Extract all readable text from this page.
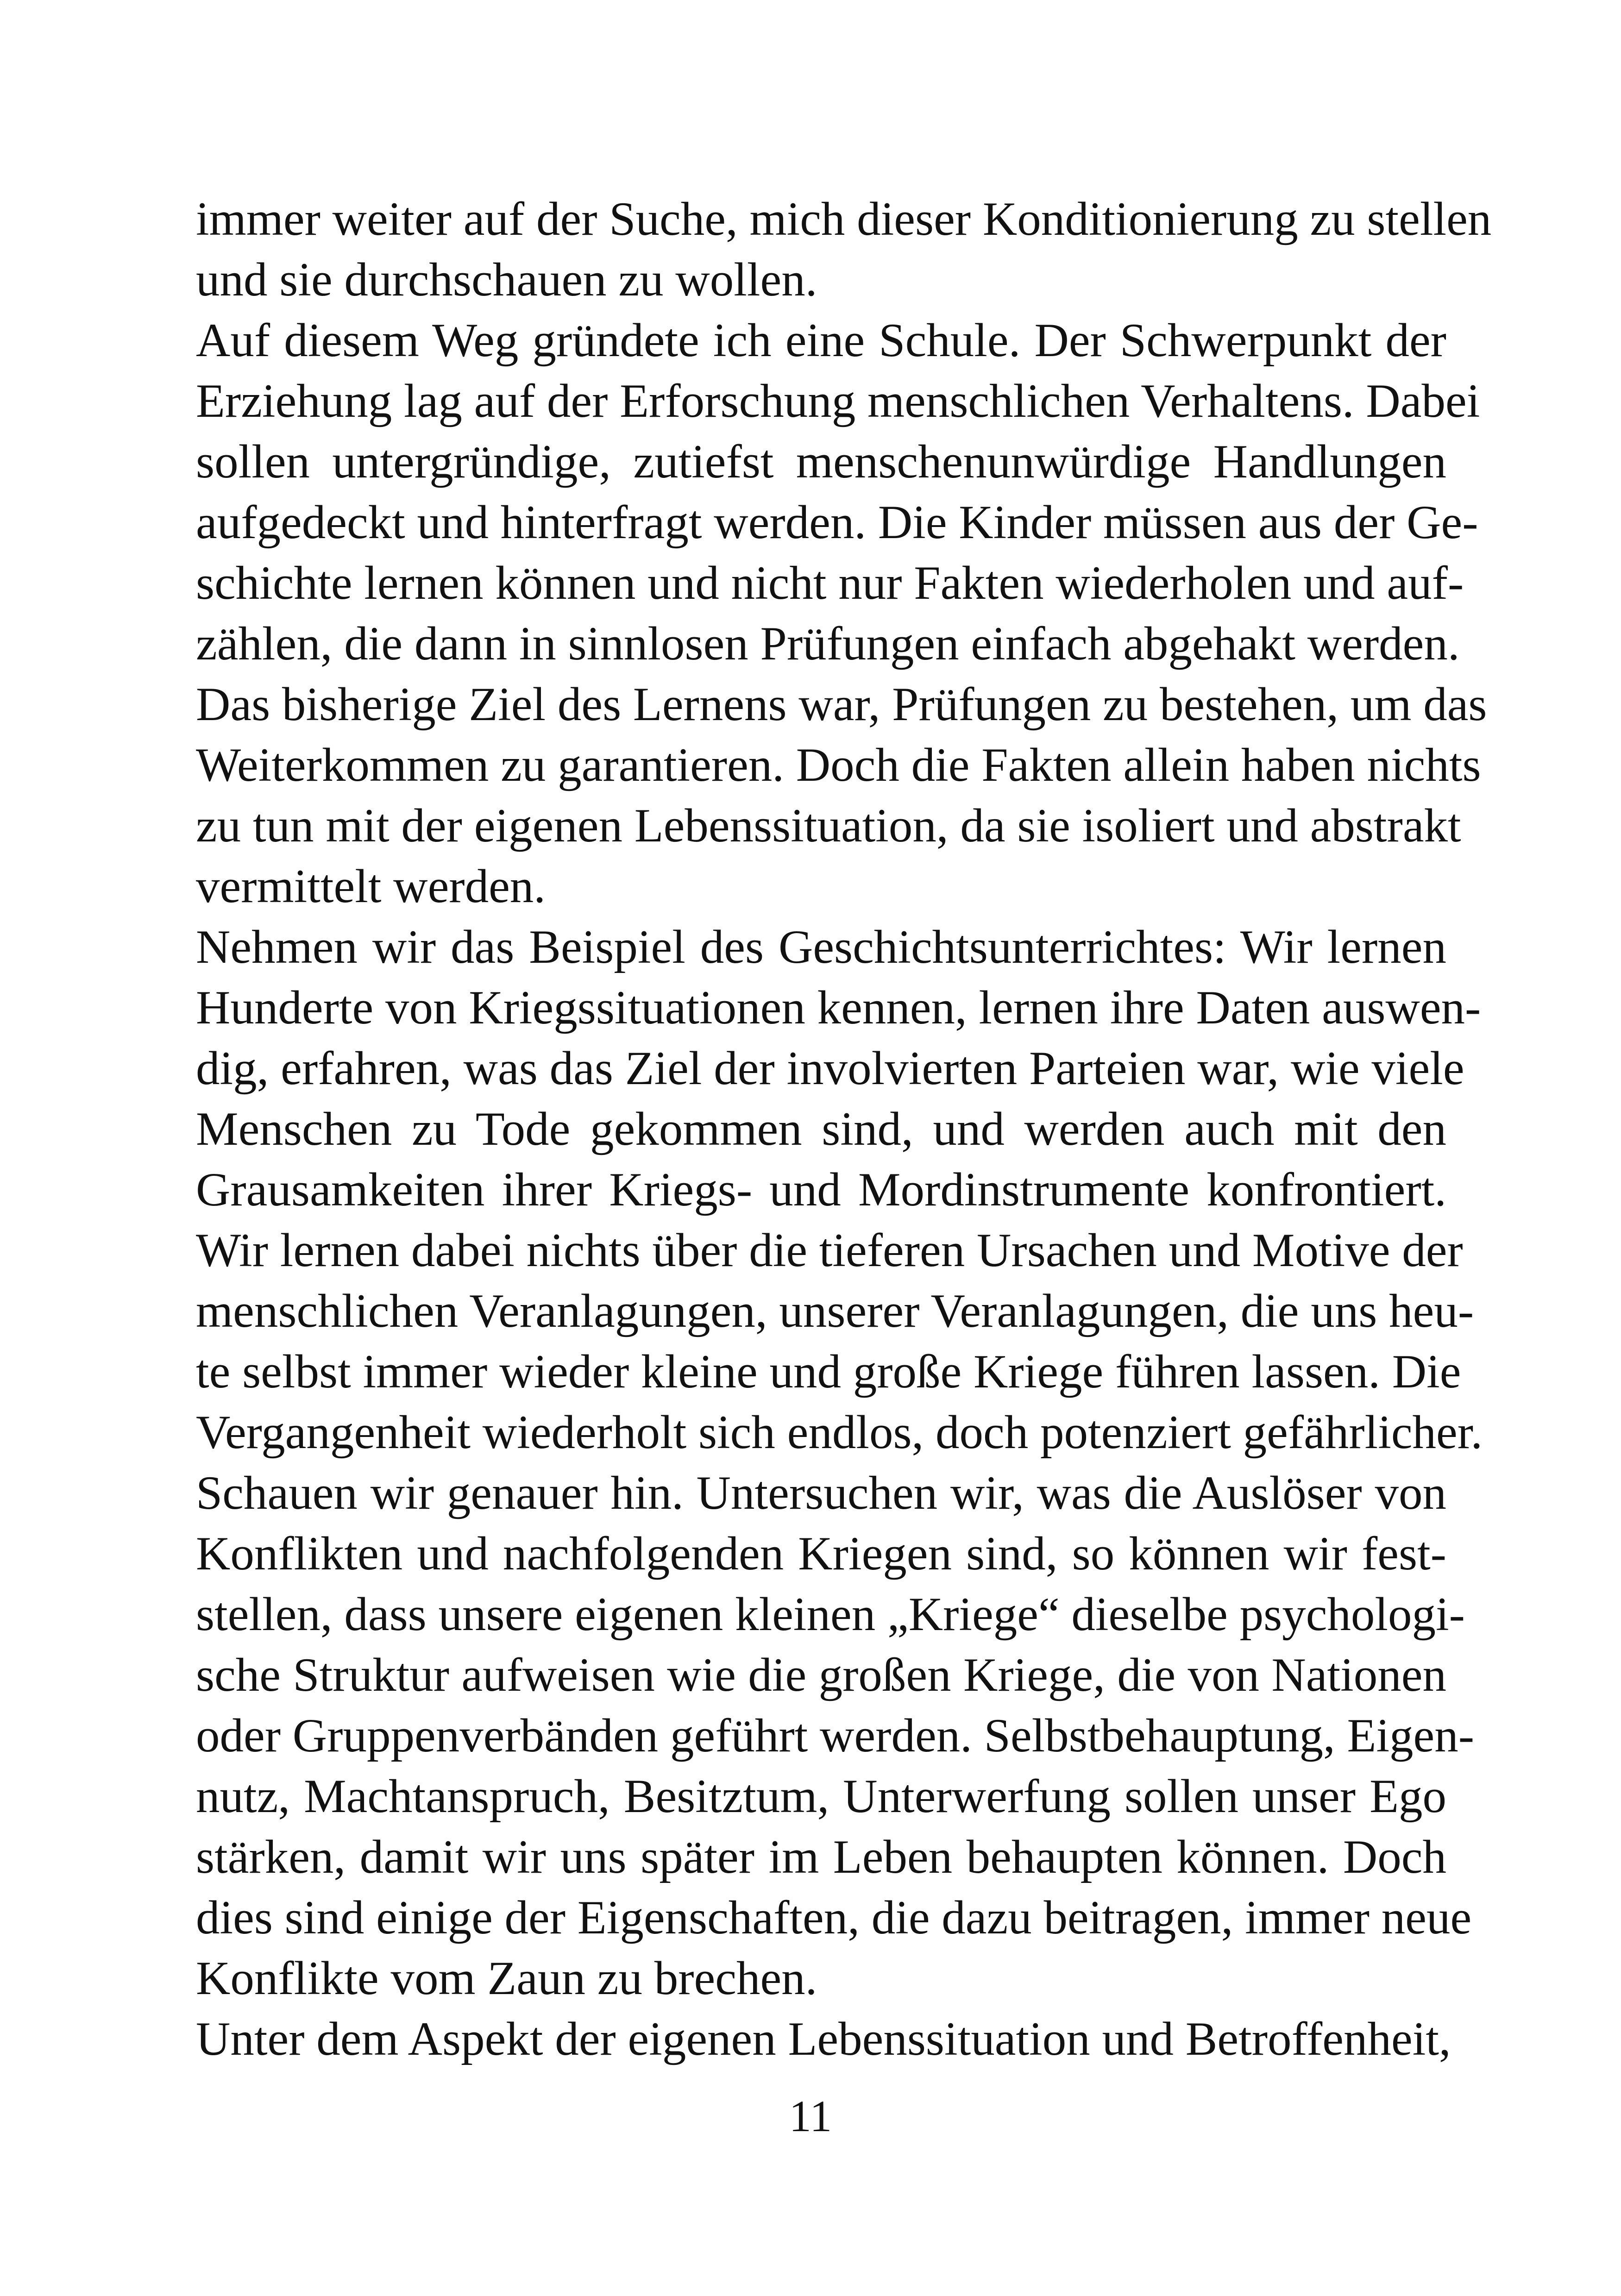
immer weiter auf der Suche, mich dieser Konditionierung zu stellen
und sie durchschauen zu wollen.
Auf diesem Weg gründete ich eine Schule. Der Schwerpunkt der
Erziehung lag auf der Erforschung menschlichen Verhaltens. Dabei
sollen untergründige, zutiefst menschenunwürdige Handlungen
aufgedeckt und hinterfragt werden. Die Kinder müssen aus der Ge-
schichte lernen können und nicht nur Fakten wiederholen und auf-
zählen, die dann in sinnlosen Prüfungen einfach abgehakt werden.
Das bisherige Ziel des Lernens war, Prüfungen zu bestehen, um das
Weiterkommen zu garantieren. Doch die Fakten allein haben nichts
zu tun mit der eigenen Lebenssituation, da sie isoliert und abstrakt
vermittelt werden.
Nehmen wir das Beispiel des Geschichtsunterrichtes: Wir lernen
Hunderte von Kriegssituationen kennen, lernen ihre Daten auswen-
dig, erfahren, was das Ziel der involvierten Parteien war, wie viele
Menschen zu Tode gekommen sind, und werden auch mit den
Grausamkeiten ihrer Kriegs- und Mordinstrumente konfrontiert.
Wir lernen dabei nichts über die tieferen Ursachen und Motive der
menschlichen Veranlagungen, unserer Veranlagungen, die uns heu-
te selbst immer wieder kleine und große Kriege führen lassen. Die
Vergangenheit wiederholt sich endlos, doch potenziert gefährlicher.
Schauen wir genauer hin. Untersuchen wir, was die Auslöser von
Konflikten und nachfolgenden Kriegen sind, so können wir fest-
stellen, dass unsere eigenen kleinen „Kriege“ dieselbe psychologi-
sche Struktur aufweisen wie die großen Kriege, die von Nationen
oder Gruppenverbänden geführt werden. Selbstbehauptung, Eigen-
nutz, Machtanspruch, Besitztum, Unterwerfung sollen unser Ego
stärken, damit wir uns später im Leben behaupten können. Doch
dies sind einige der Eigenschaften, die dazu beitragen, immer neue
Konflikte vom Zaun zu brechen.
Unter dem Aspekt der eigenen Lebenssituation und Betroffenheit,
11
